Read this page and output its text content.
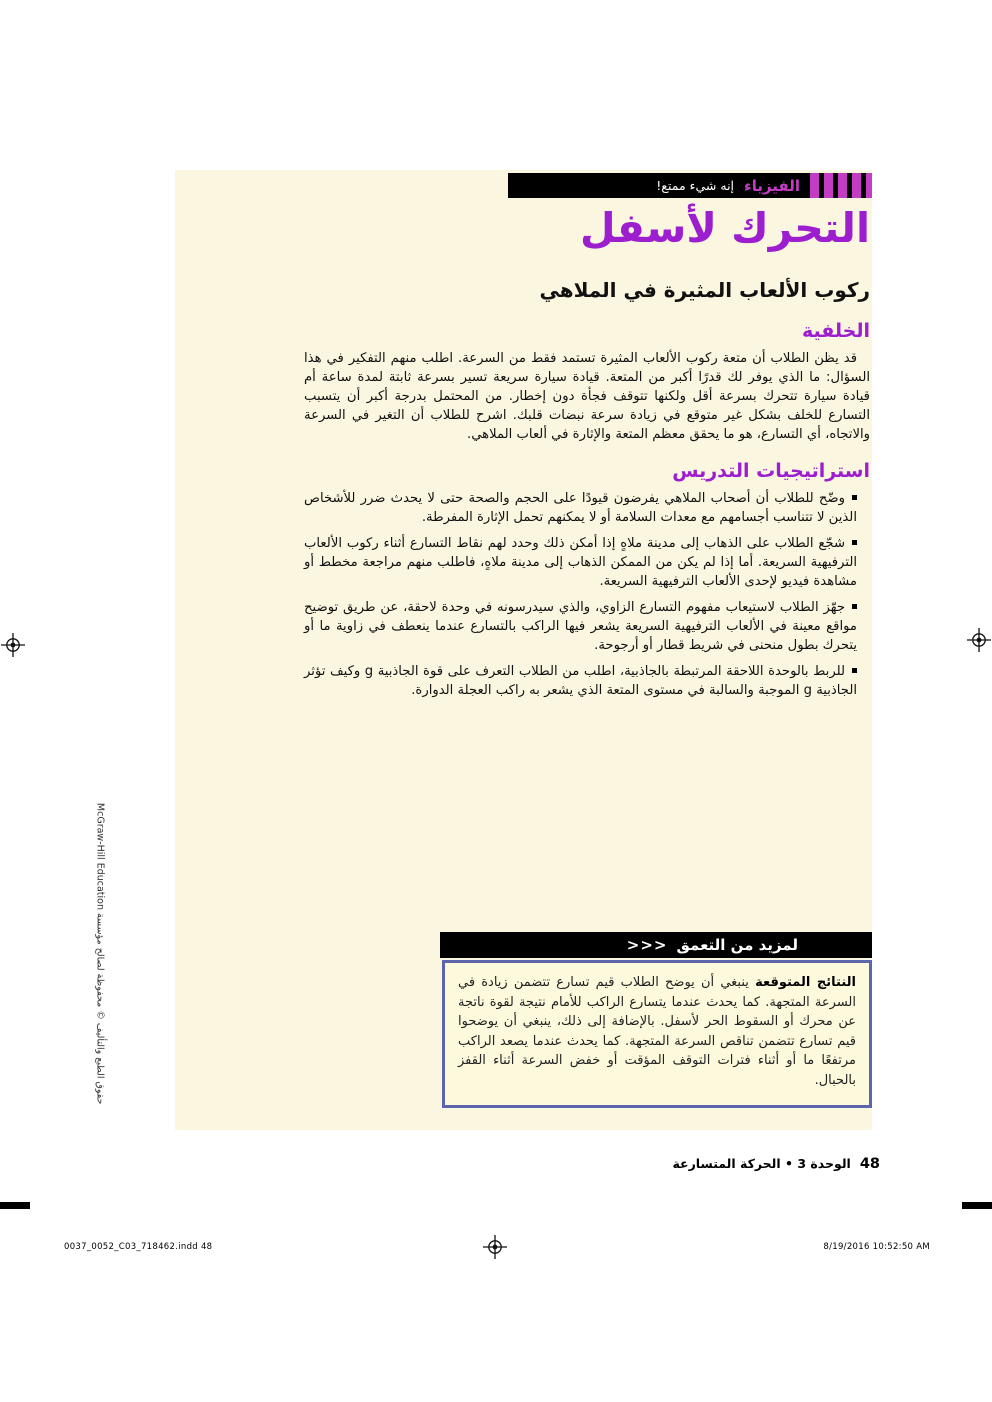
الفيزياء
إنه شيء ممتع!
التحرك لأسفل
ركوب الألعاب المثيرة في الملاهي
الخلفية

قد يظن الطلاب أن متعة ركوب الألعاب المثيرة تستمد فقط من السرعة. اطلب منهم التفكير في هذا السؤال: ما الذي يوفر لك قدرًا أكبر من المتعة. قيادة سيارة سريعة تسير بسرعة ثابتة لمدة ساعة أم قيادة سيارة تتحرك بسرعة أقل ولكنها تتوقف فجأة دون إخطار. من المحتمل بدرجة أكبر أن يتسبب التسارع للخلف بشكل غير متوقع في زيادة سرعة نبضات قلبك. اشرح للطلاب أن التغير في السرعة والاتجاه، أي التسارع، هو ما يحقق معظم المتعة والإثارة في ألعاب الملاهي.

استراتيجيات التدريس

وضّح للطلاب أن أصحاب الملاهي يفرضون قيودًا على الحجم والصحة حتى لا يحدث ضرر للأشخاص الذين لا تتناسب أجسامهم مع معدات السلامة أو لا يمكنهم تحمل الإثارة المفرطة.

شجّع الطلاب على الذهاب إلى مدينة ملاهٍ إذا أمكن ذلك وحدد لهم نقاط التسارع أثناء ركوب الألعاب الترفيهية السريعة. أما إذا لم يكن من الممكن الذهاب إلى مدينة ملاهٍ، فاطلب منهم مراجعة مخطط أو مشاهدة فيديو لإحدى الألعاب الترفيهية السريعة.

جهّز الطلاب لاستيعاب مفهوم التسارع الزاوي، والذي سيدرسونه في وحدة لاحقة، عن طريق توضيح مواقع معينة في الألعاب الترفيهية السريعة يشعر فيها الراكب بالتسارع عندما ينعطف في زاوية ما أو يتحرك بطول منحنى في شريط قطار أو أرجوحة.

للربط بالوحدة اللاحقة المرتبطة بالجاذبية، اطلب من الطلاب التعرف على قوة الجاذبية g وكيف تؤثر الجاذبية g الموجبة والسالبة في مستوى المتعة الذي يشعر به راكب العجلة الدوارة.

لمزيد من التعمق
>>>
النتائج المتوقعة ينبغي أن يوضح الطلاب قيم تسارع تتضمن زيادة في السرعة المتجهة. كما يحدث عندما يتسارع الراكب للأمام نتيجة لقوة ناتجة عن محرك أو السقوط الحر لأسفل. بالإضافة إلى ذلك، ينبغي أن يوضحوا قيم تسارع تتضمن تناقص السرعة المتجهة. كما يحدث عندما يصعد الراكب مرتفعًا ما أو أثناء فترات التوقف المؤقت أو خفض السرعة أثناء القفز بالحبال.
حقوق الطبع والتأليف © محفوظة لصالح مؤسسة McGraw-Hill Education
48
الوحدة 3 • الحركة المتسارعة
0037_0052_C03_718462.indd 48	8/19/2016 10:52:50 AM
